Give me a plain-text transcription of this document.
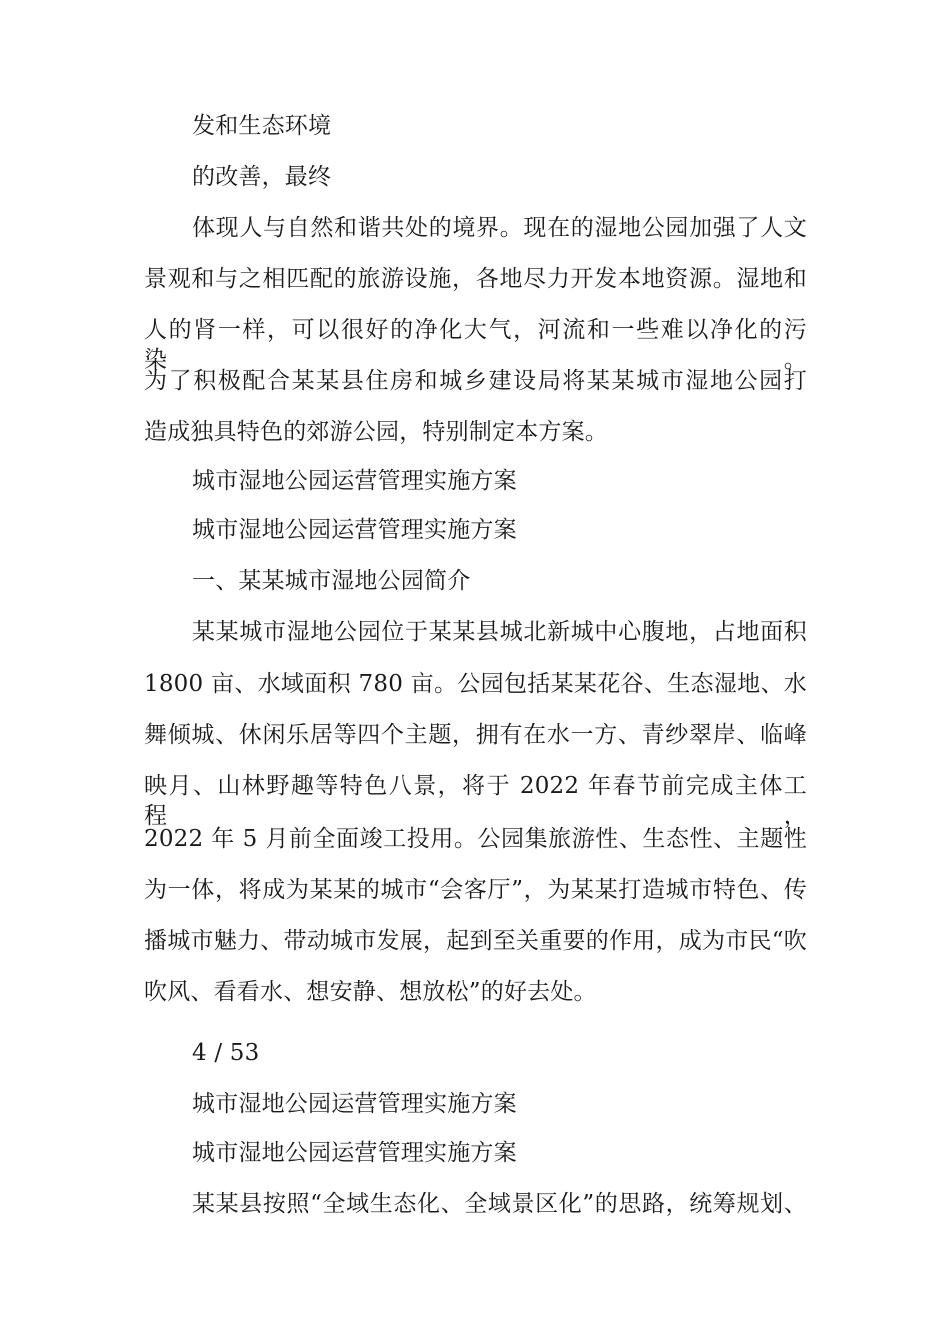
发和生态环境
的改善，最终
体现人与自然和谐共处的境界。现在的湿地公园加强了人文
景观和与之相匹配的旅游设施，各地尽力开发本地资源。湿地和
人的肾一样，可以很好的净化大气，河流和一些难以净化的污染。
为了积极配合某某县住房和城乡建设局将某某城市湿地公园打
造成独具特色的郊游公园，特别制定本方案。
城市湿地公园运营管理实施方案
城市湿地公园运营管理实施方案
一、某某城市湿地公园简介
某某城市湿地公园位于某某县城北新城中心腹地，占地面积
1800 亩、水域面积 780 亩。公园包括某某花谷、生态湿地、水
舞倾城、休闲乐居等四个主题，拥有在水一方、青纱翠岸、临峰
映月、山林野趣等特色八景，将于 2022 年春节前完成主体工程，
2022 年 5 月前全面竣工投用。公园集旅游性、生态性、主题性
为一体，将成为某某的城市“会客厅”，为某某打造城市特色、传
播城市魅力、带动城市发展，起到至关重要的作用，成为市民“吹
吹风、看看水、想安静、想放松”的好去处。
4 / 53
城市湿地公园运营管理实施方案
城市湿地公园运营管理实施方案
某某县按照“全域生态化、全域景区化”的思路，统筹规划、
